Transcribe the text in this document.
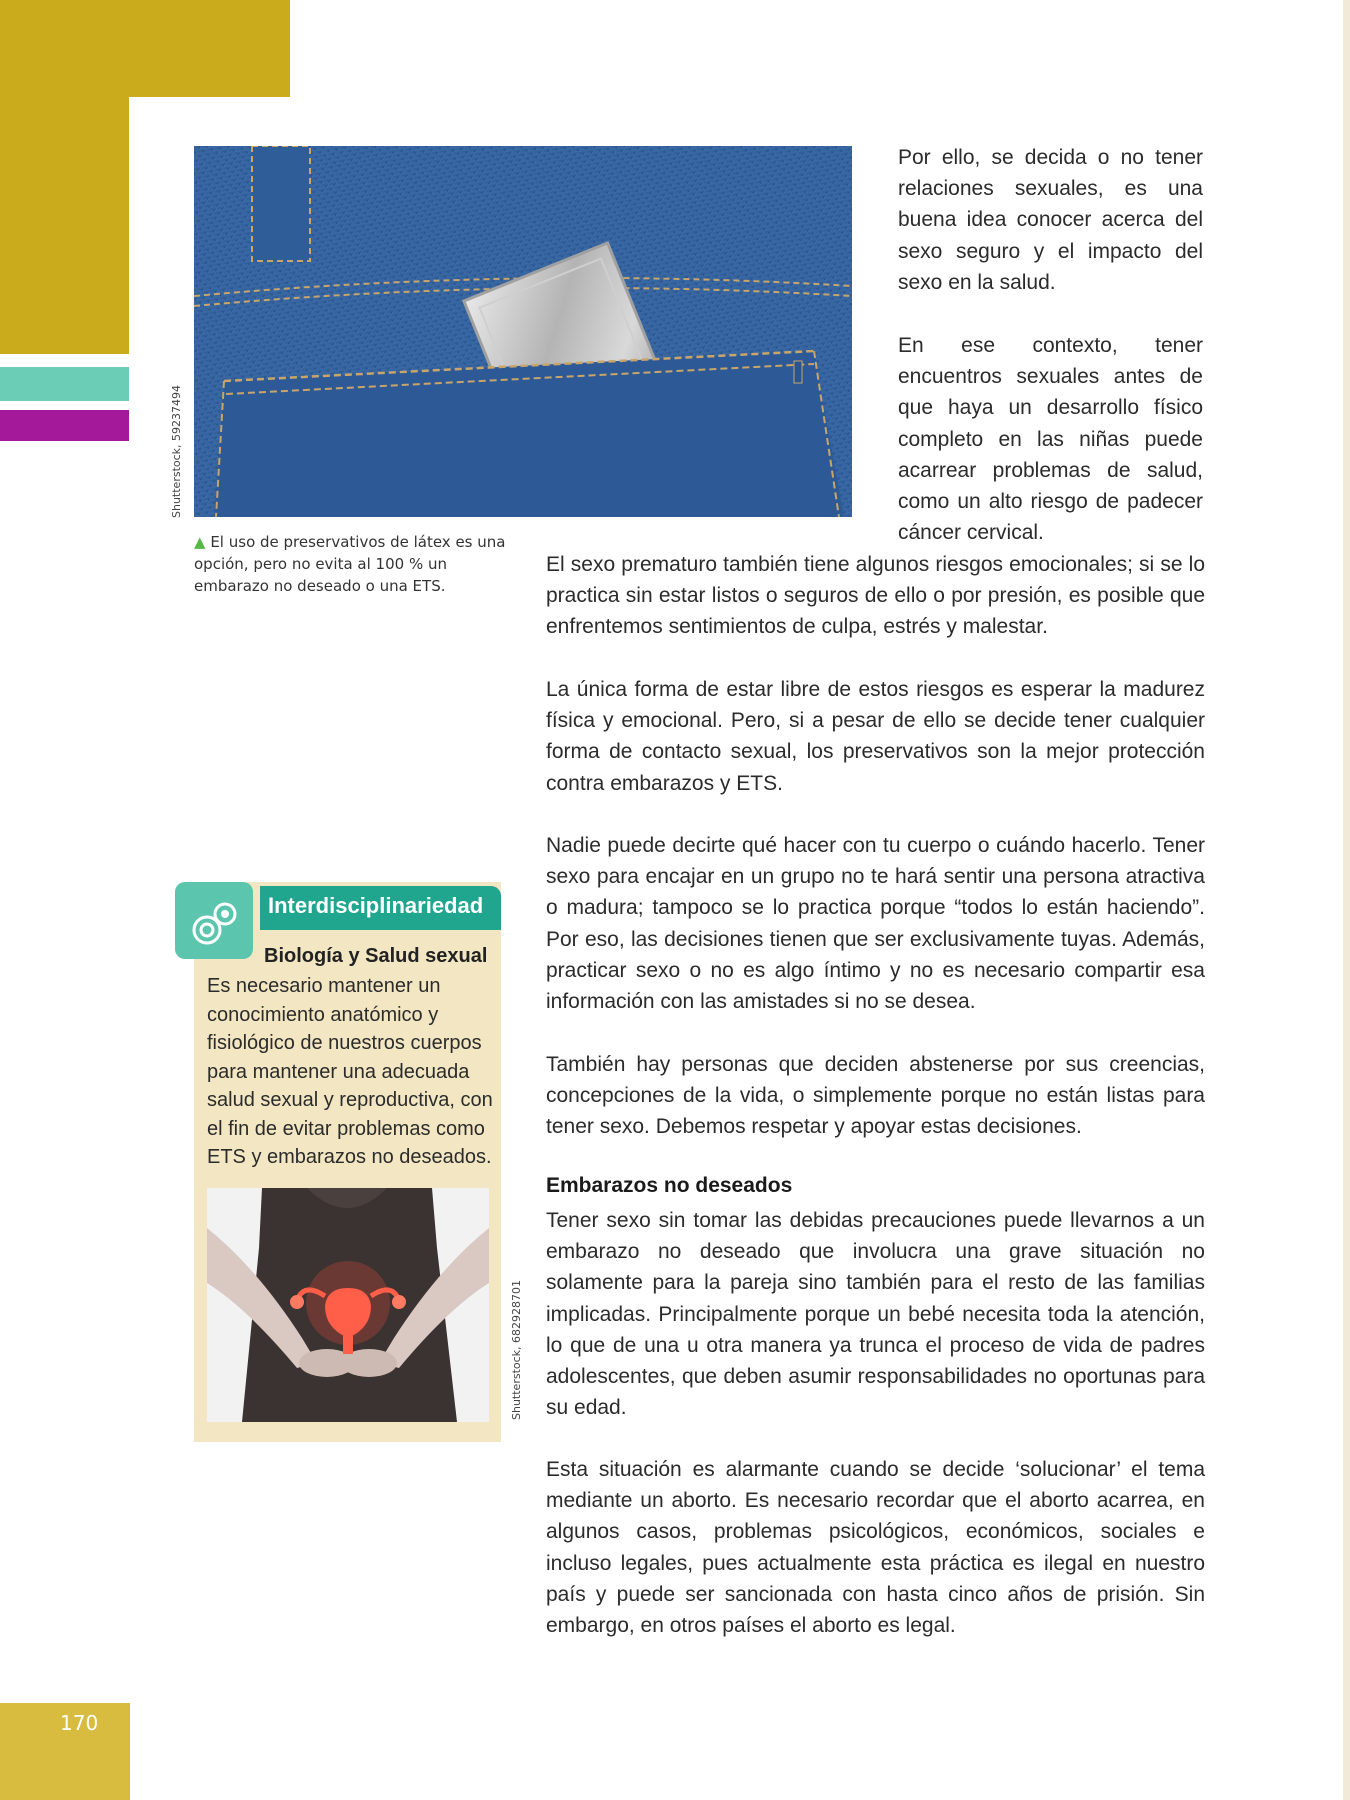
170
Shutterstock, 59237494
▲ El uso de preservativos de látex es una opción, pero no evita al 100 % un embarazo no deseado o una ETS.

Por ello, se decida o no tener relaciones sexuales, es una buena idea conocer acerca del sexo seguro y el impacto del sexo en la salud.

En ese contexto, tener encuentros sexuales antes de que haya un desarrollo físico completo en las niñas puede acarrear problemas de salud, como un alto riesgo de padecer cáncer cervical.

El sexo prematuro también tiene algunos riesgos emocionales; si se lo practica sin estar listos o seguros de ello o por presión, es posible que enfrentemos sentimientos de culpa, estrés y malestar.

La única forma de estar libre de estos riesgos es esperar la madurez física y emocional. Pero, si a pesar de ello se decide tener cualquier forma de contacto sexual, los preservativos son la mejor protección contra embarazos y ETS.

Nadie puede decirte qué hacer con tu cuerpo o cuándo hacerlo. Tener sexo para encajar en un grupo no te hará sentir una persona atractiva o madura; tampoco se lo practica porque “todos lo están haciendo”. Por eso, las decisiones tienen que ser exclusivamente tuyas. Además, practicar sexo o no es algo íntimo y no es necesario compartir esa información con las amistades si no se desea.

También hay personas que deciden abstenerse por sus creencias, concepciones de la vida, o simplemente porque no están listas para tener sexo. Debemos respetar y apoyar estas decisiones.

Embarazos no deseados

Tener sexo sin tomar las debidas precauciones puede llevarnos a un embarazo no deseado que involucra una grave situación no solamente para la pareja sino también para el resto de las familias implicadas. Principalmente porque un bebé necesita toda la atención, lo que de una u otra manera ya trunca el proceso de vida de padres adolescentes, que deben asumir responsabilidades no oportunas para su edad.

Esta situación es alarmante cuando se decide ‘solucionar’ el tema mediante un aborto. Es necesario recordar que el aborto acarrea, en algunos casos, problemas psicológicos, económicos, sociales e incluso legales, pues actualmente esta práctica es ilegal en nuestro país y puede ser sancionada con hasta cinco años de prisión. Sin embargo, en otros países el aborto es legal.

Interdisciplinariedad
Biología y Salud sexual
Es necesario mantener un conocimiento anatómico y fisiológico de nuestros cuerpos para mantener una adecuada salud sexual y reproductiva, con el fin de evitar problemas como ETS y embarazos no deseados.
Shutterstock, 682928701
